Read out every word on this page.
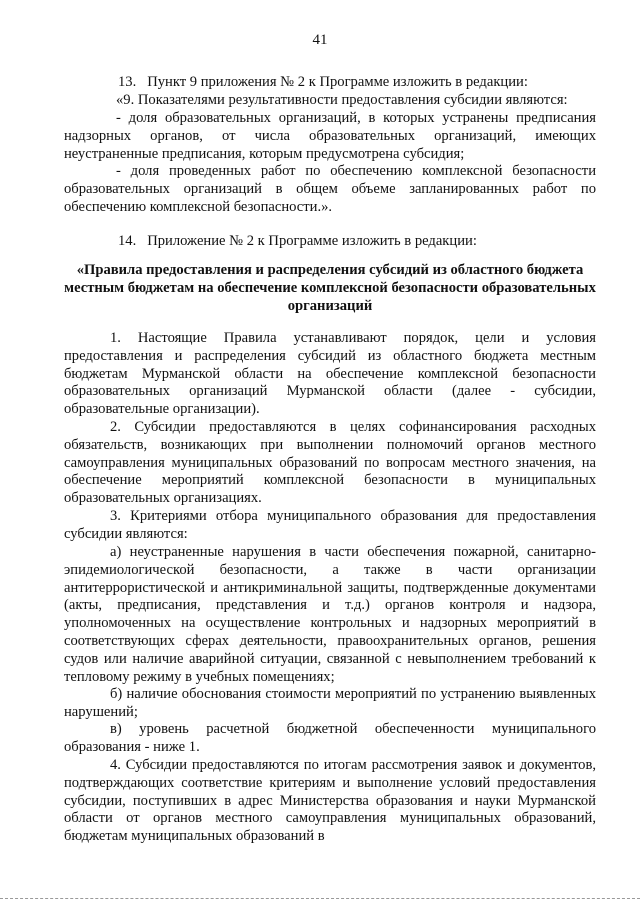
41

13.   Пункт 9 приложения № 2 к Программе изложить в редакции:

«9. Показателями результативности предоставления субсидии являются:

- доля образовательных организаций, в которых устранены предписания надзорных органов, от числа образовательных организаций, имеющих неустраненные предписания, которым предусмотрена субсидия;

- доля проведенных работ по обеспечению комплексной безопасности образовательных организаций в общем объеме запланированных работ по обеспечению комплексной безопасности.».

14.   Приложение № 2 к Программе изложить в редакции:

«Правила предоставления и распределения субсидий из областного бюджета местным бюджетам на обеспечение комплексной безопасности образовательных организаций

1. Настоящие Правила устанавливают порядок, цели и условия предоставления и распределения субсидий из областного бюджета местным бюджетам Мурманской области на обеспечение комплексной безопасности образовательных организаций Мурманской области (далее - субсидии, образовательные организации).

2. Субсидии предоставляются в целях софинансирования расходных обязательств, возникающих при выполнении полномочий органов местного самоуправления муниципальных образований по вопросам местного значения, на обеспечение мероприятий комплексной безопасности в муниципальных образовательных организациях.

3. Критериями отбора муниципального образования для предоставления субсидии являются:

а) неустраненные нарушения в части обеспечения пожарной, санитарно-эпидемиологической безопасности, а также в части организации антитеррористической и антикриминальной защиты, подтвержденные документами (акты, предписания, представления и т.д.) органов контроля и надзора, уполномоченных на осуществление контрольных и надзорных мероприятий в соответствующих сферах деятельности, правоохранительных органов, решения судов или наличие аварийной ситуации, связанной с невыполнением требований к тепловому режиму в учебных помещениях;

б) наличие обоснования стоимости мероприятий по устранению выявленных нарушений;

в) уровень расчетной бюджетной обеспеченности муниципального образования - ниже 1.

4. Субсидии предоставляются по итогам рассмотрения заявок и документов, подтверждающих соответствие критериям и выполнение условий предоставления субсидии, поступивших в адрес Министерства образования и науки Мурманской области от органов местного самоуправления муниципальных образований, бюджетам муниципальных образований в
